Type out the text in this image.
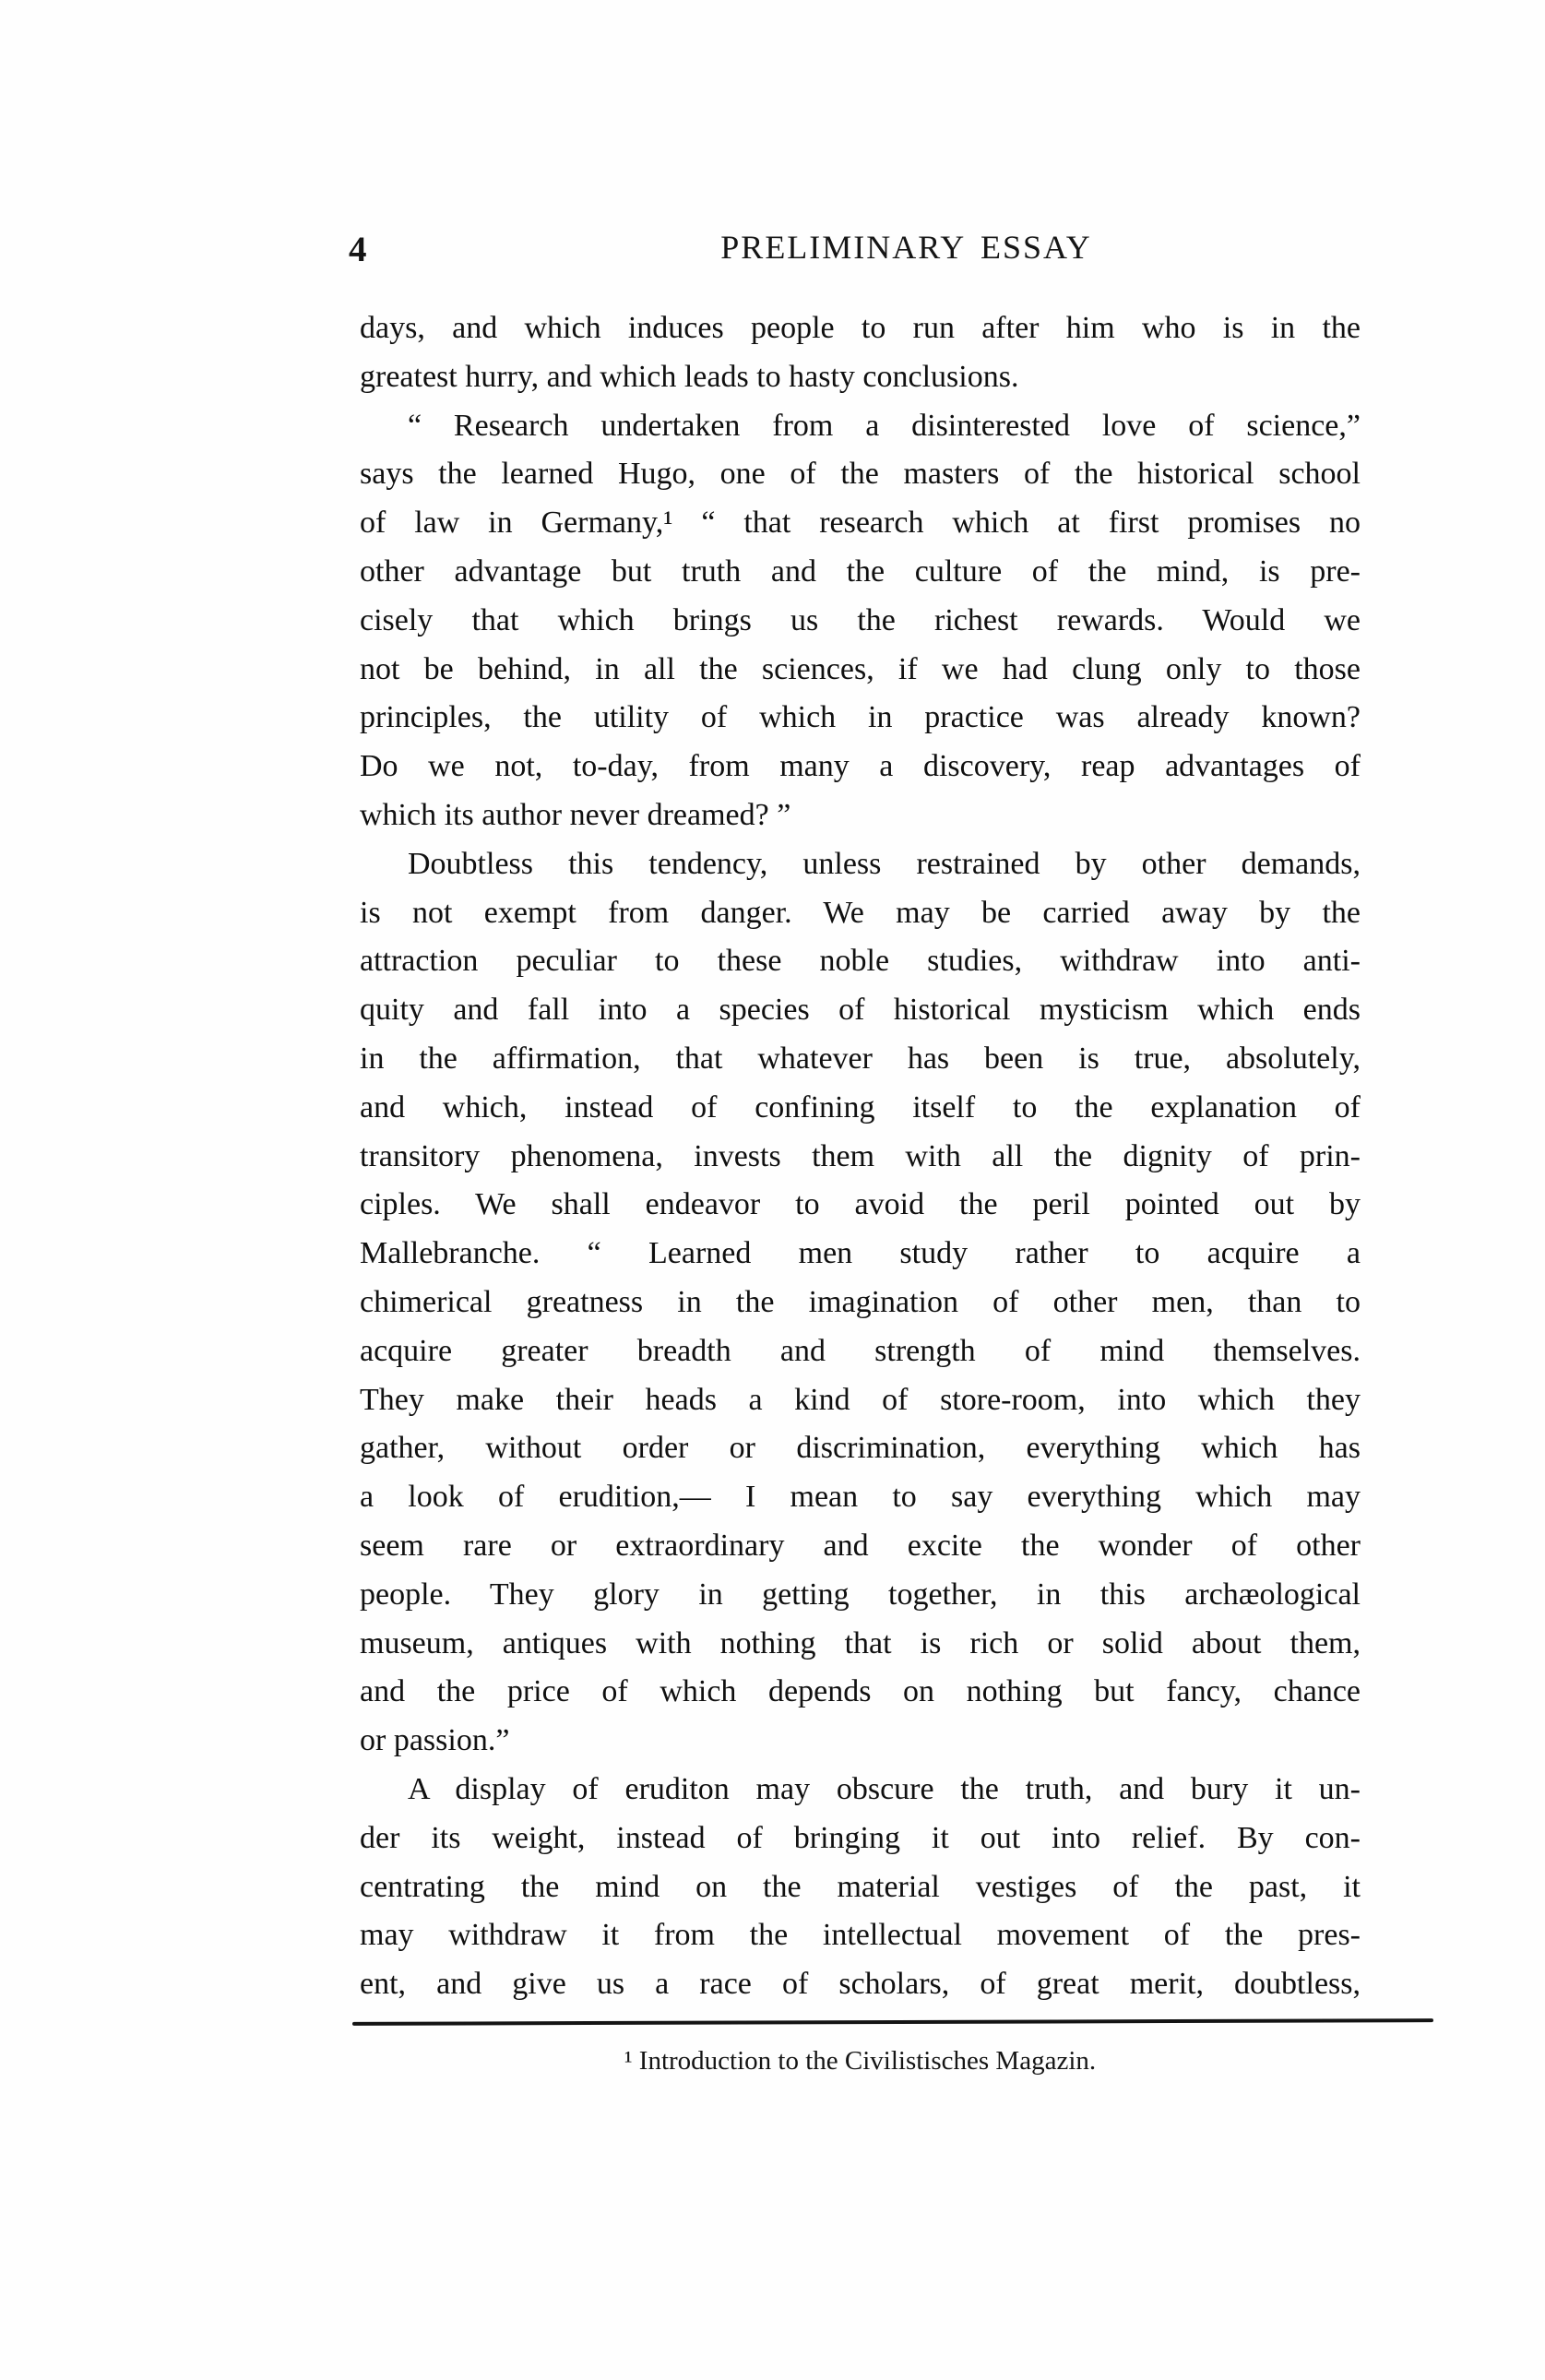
4	PRELIMINARY ESSAY
days, and which induces people to run after him who is in the
greatest hurry, and which leads to hasty conclusions.
“ Research undertaken from a disinterested love of science,”
says the learned Hugo, one of the masters of the historical school
of law in Germany,¹ “ that research which at first promises no
other advantage but truth and the culture of the mind, is pre-
cisely that which brings us the richest rewards. Would we
not be behind, in all the sciences, if we had clung only to those
principles, the utility of which in practice was already known?
Do we not, to-day, from many a discovery, reap advantages of
which its author never dreamed? ”
Doubtless this tendency, unless restrained by other demands,
is not exempt from danger. We may be carried away by the
attraction peculiar to these noble studies, withdraw into anti-
quity and fall into a species of historical mysticism which ends
in the affirmation, that whatever has been is true, absolutely,
and which, instead of confining itself to the explanation of
transitory phenomena, invests them with all the dignity of prin-
ciples. We shall endeavor to avoid the peril pointed out by
Mallebranche. “ Learned men study rather to acquire a
chimerical greatness in the imagination of other men, than to
acquire greater breadth and strength of mind themselves.
They make their heads a kind of store-room, into which they
gather, without order or discrimination, everything which has
a look of erudition,— I mean to say everything which may
seem rare or extraordinary and excite the wonder of other
people. They glory in getting together, in this archæological
museum, antiques with nothing that is rich or solid about them,
and the price of which depends on nothing but fancy, chance
or passion.”
A display of eruditon may obscure the truth, and bury it un-
der its weight, instead of bringing it out into relief. By con-
centrating the mind on the material vestiges of the past, it
may withdraw it from the intellectual movement of the pres-
ent, and give us a race of scholars, of great merit, doubtless,
¹ Introduction to the Civilistisches Magazin.
